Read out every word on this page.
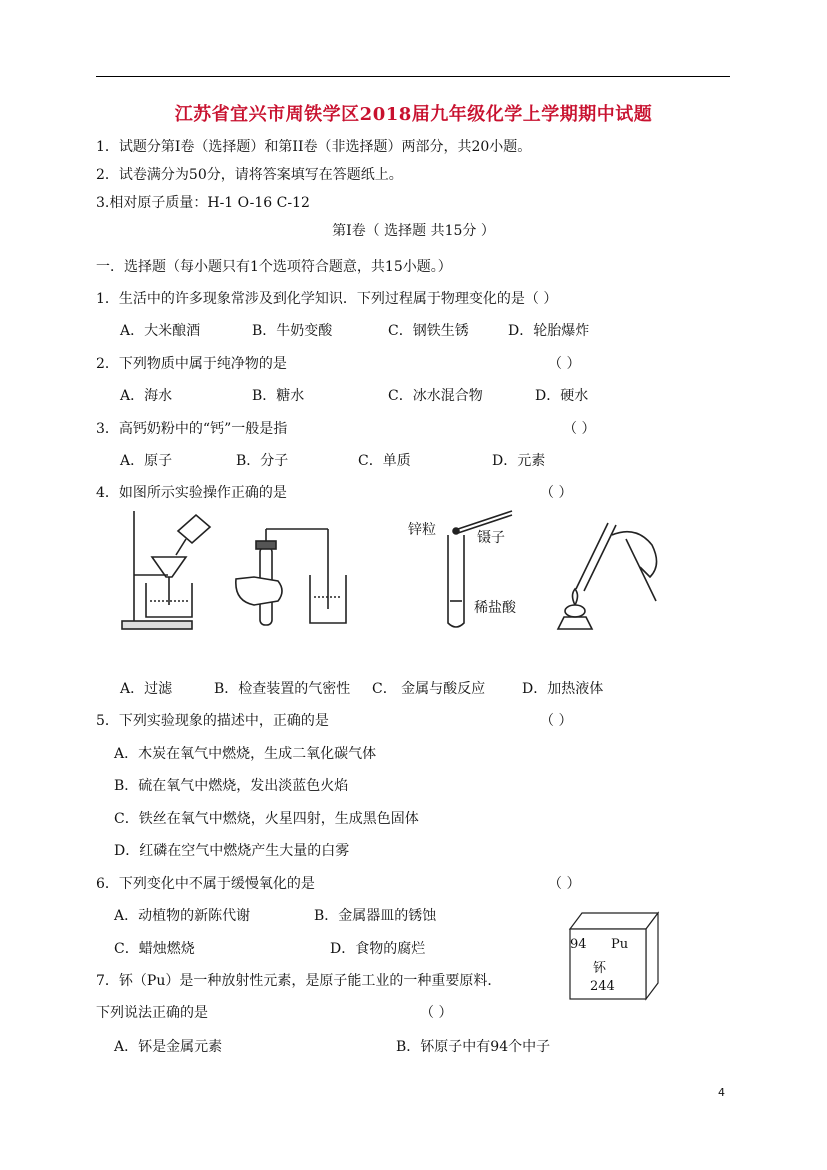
江苏省宜兴市周铁学区2018届九年级化学上学期期中试题
1．试题分第Ⅰ卷（选择题）和第II卷（非选择题）两部分，共20小题。
2．试卷满分为50分，请将答案填写在答题纸上。
3.相对原子质量：H-1 O-16 C-12
第Ⅰ卷（ 选择题 共15分 ）
一．选择题（每小题只有1个选项符合题意，共15小题。）
1．生活中的许多现象常涉及到化学知识．下列过程属于物理变化的是（ ）
A．大米酿酒	B．牛奶变酸	C．钢铁生锈	D．轮胎爆炸
2．下列物质中属于纯净物的是	（ ）
A．海水	B．糖水	C．冰水混合物	D．硬水
3．高钙奶粉中的“钙”一般是指	（ ）
A．原子	B．分子	C．单质	D．元素
4．如图所示实验操作正确的是	（ ）
锌粒	镊子
稀盐酸
A．过滤	B．检查装置的气密性 C． 金属与酸反应	D．加热液体
5．下列实验现象的描述中，正确的是	（ ）
A．木炭在氧气中燃烧，生成二氧化碳气体
B．硫在氧气中燃烧，发出淡蓝色火焰
C．铁丝在氧气中燃烧，火星四射，生成黑色固体
D．红磷在空气中燃烧产生大量的白雾
6．下列变化中不属于缓慢氧化的是	（ ）
A．动植物的新陈代谢	B．金属器皿的锈蚀
C．蜡烛燃烧	D．食物的腐烂	94 Pu
钚
244
7．钚（Pu）是一种放射性元素，是原子能工业的一种重要原料．
下列说法正确的是	（ ）
A．钚是金属元素	B．钚原子中有94个中子
4
